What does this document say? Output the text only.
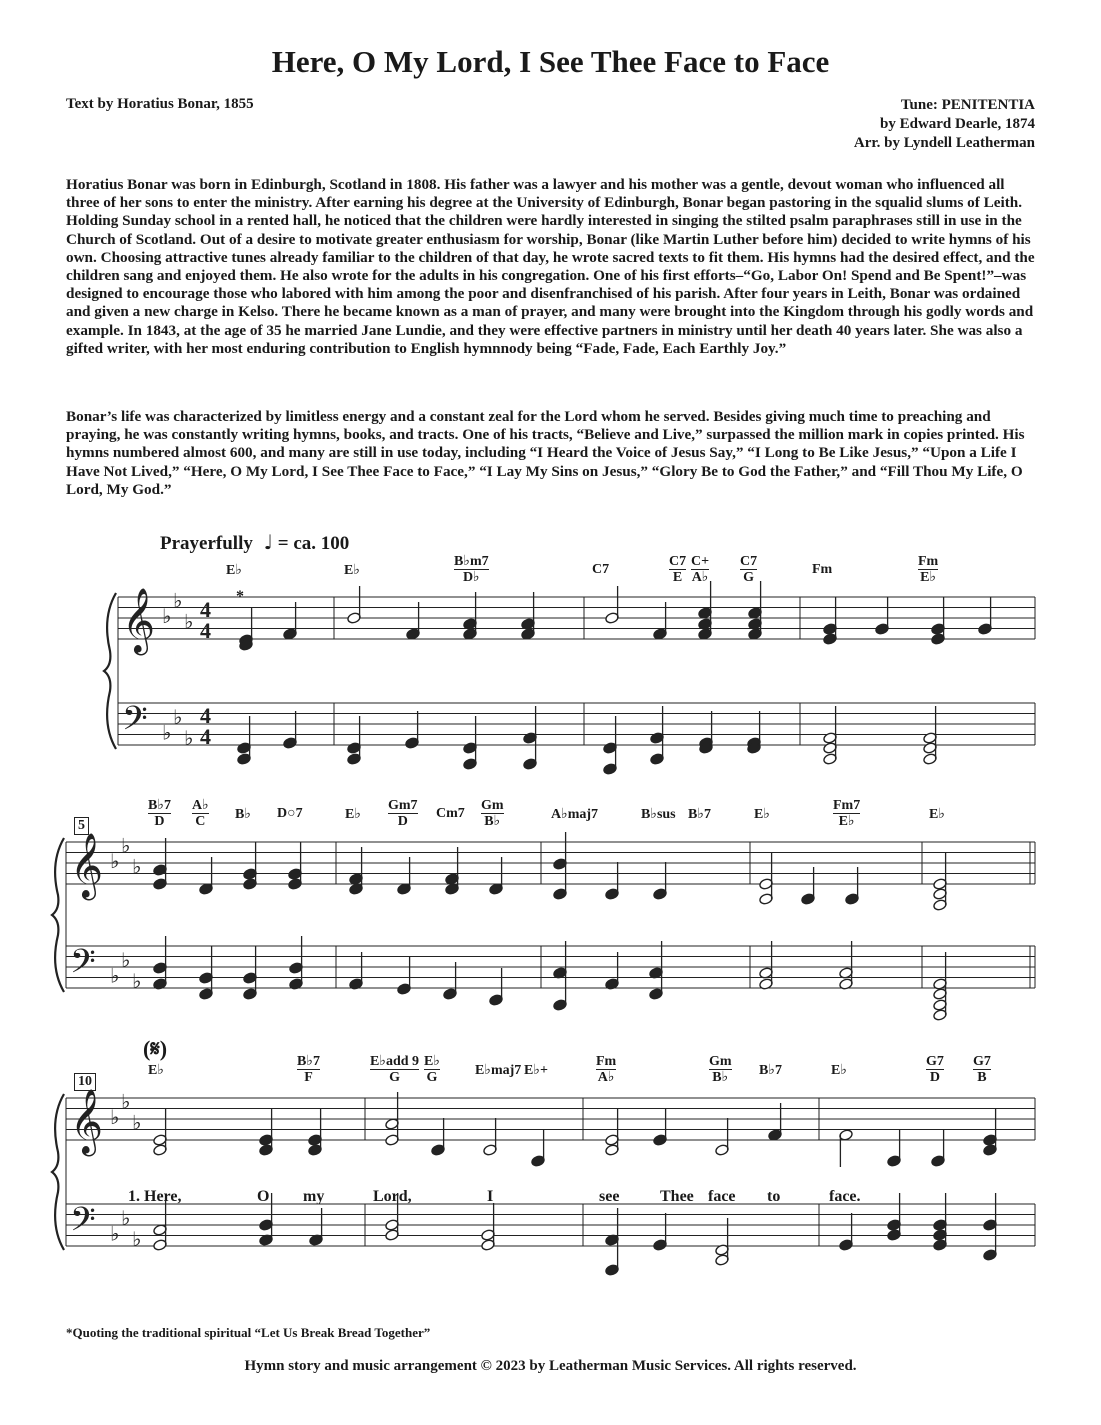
Here, O My Lord, I See Thee Face to Face
Text by Horatius Bonar, 1855	Tune: PENITENTIA
by Edward Dearle, 1874
Arr. by Lyndell Leatherman

Horatius Bonar was born in Edinburgh, Scotland in 1808. His father was a lawyer and his mother was a gentle, devout woman who influenced all three of her sons to enter the ministry. After earning his degree at the University of Edinburgh, Bonar began pastoring in the squalid slums of Leith. Holding Sunday school in a rented hall, he noticed that the children were hardly interested in singing the stilted psalm paraphrases still in use in the Church of Scotland. Out of a desire to motivate greater enthusiasm for worship, Bonar (like Martin Luther before him) decided to write hymns of his own. Choosing attractive tunes already familiar to the children of that day, he wrote sacred texts to fit them. His hymns had the desired effect, and the children sang and enjoyed them. He also wrote for the adults in his congregation. One of his first efforts–“Go, Labor On! Spend and Be Spent!”–was designed to encourage those who labored with him among the poor and disenfranchised of his parish. After four years in Leith, Bonar was ordained and given a new charge in Kelso. There he became known as a man of prayer, and many were brought into the Kingdom through his godly words and example. In 1843, at the age of 35 he married Jane Lundie, and they were effective partners in ministry until her death 40 years later. She was also a gifted writer, with her most enduring contribution to English hymnnody being “Fade, Fade, Each Earthly Joy.”

Bonar’s life was characterized by limitless energy and a constant zeal for the Lord whom he served. Besides giving much time to preaching and praying, he was constantly writing hymns, books, and tracts. One of his tracts, “Believe and Live,” surpassed the million mark in copies printed. His hymns numbered almost 600, and many are still in use today, including “I Heard the Voice of Jesus Say,” “I Long to Be Like Jesus,” “Upon a Life I Have Not Lived,” “Here, O My Lord, I See Thee Face to Face,” “I Lay My Sins on Jesus,” “Glory Be to God the Father,” and “Fill Thou My Life, O Lord, My God.”

Prayerfully ♩ = ca. 100
*
(𝄋)
5
10
E♭	E♭	$\frac{B♭m7}{D♭}$	C7	$\frac{C7}{E} \frac{C+}{A♭} \frac{C7}{G}$	Fm	$\frac{Fm}{E♭}$
$\frac{B♭7}{D} \frac{A♭}{C}$ B♭ D○7	E♭ $\frac{Gm7}{D} Cm7 \frac{Gm}{B♭}$	A♭maj7	B♭sus B♭7	E♭	$\frac{Fm7}{E♭}$	E♭
E♭	$\frac{B♭7}{F}$	E♭add 9
G	$\frac{E♭}{G}$	E♭maj7 E♭+	$\frac{Fm}{A♭}$	$\frac{Gm}{B♭}$ B♭7	E♭	$\frac{G7}{D} \frac{G7}{B}$
1. Here,	O my	Lord,	I	see	Thee face to	face.
𝄞
𝄢
♭
♭
♭
♭
♭
♭
4
4
4
4
𝄞
𝄢
♭
♭
♭
♭
♭
♭
𝄞
𝄢
♭
♭
♭
♭
♭
♭
*Quoting the traditional spiritual “Let Us Break Bread Together”
Hymn story and music arrangement © 2023 by Leatherman Music Services. All rights reserved.
